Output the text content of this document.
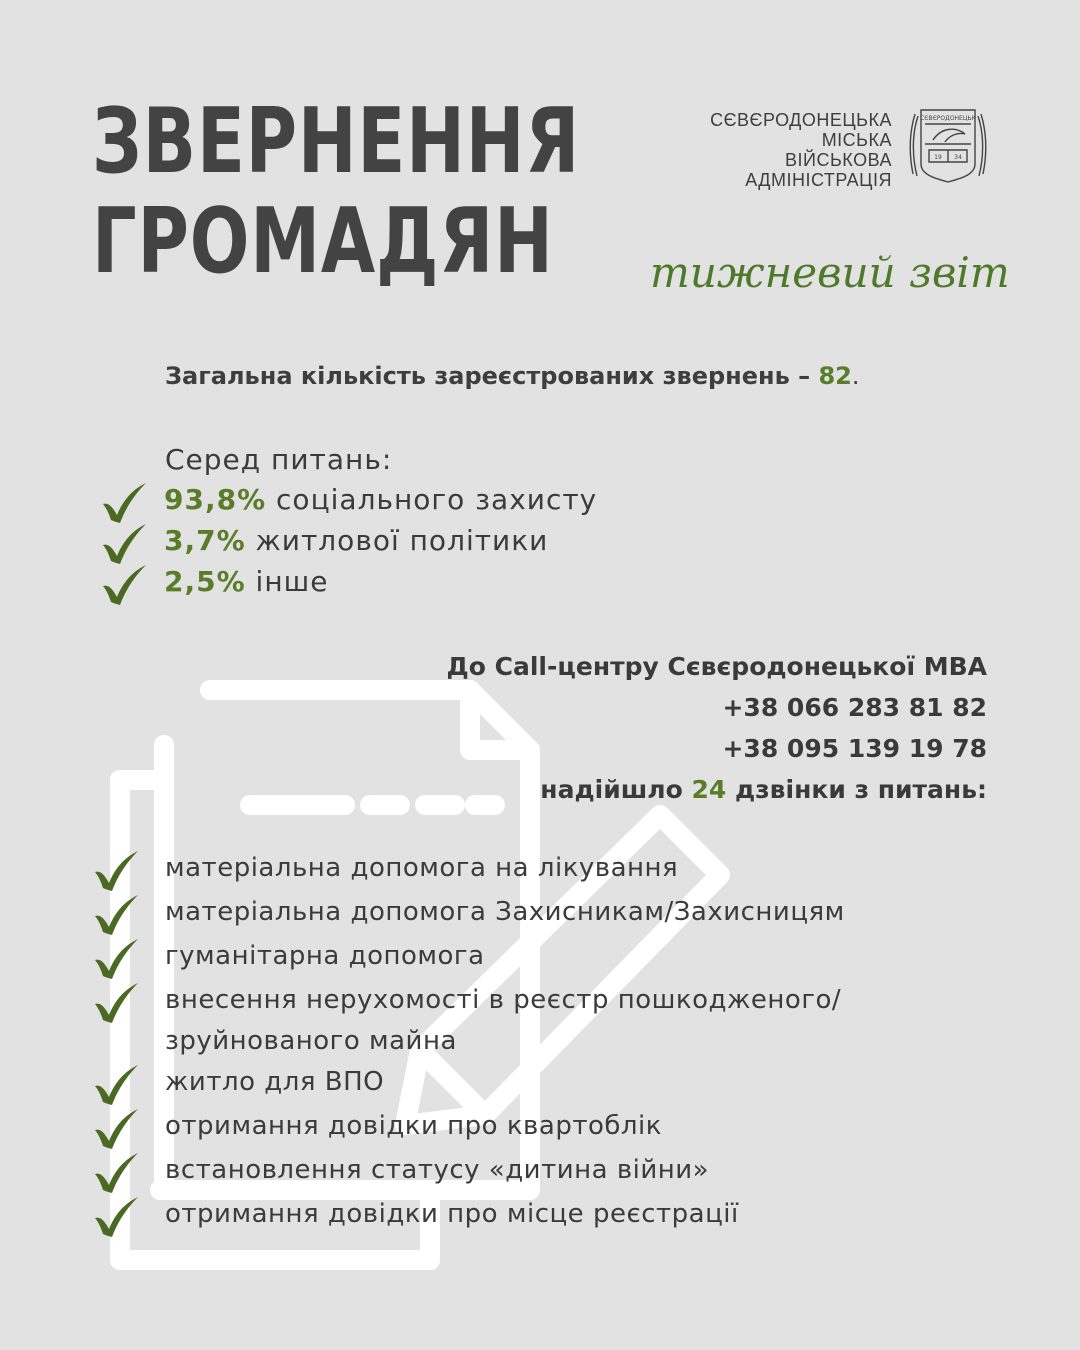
ЗВЕРНЕННЯ
ГРОМАДЯН
СЄВЄРОДОНЕЦЬКА
МІСЬКА
ВІЙСЬКОВА
АДМІНІСТРАЦІЯ
СЄВЄРОДОНЕЦЬК
19 34
тижневий звіт

Загальна кількість зареєстрованих звернень – 82.

Серед питань:

93,8% соціального захисту
3,7% житлової політики
2,5% інше
До Call-центру Сєвєродонецької МВА
+38 066 283 81 82
+38 095 139 19 78
надійшло 24 дзвінки з питань:
матеріальна допомога на лікування
матеріальна допомога Захисникам/Захисницям
гуманітарна допомога
внесення нерухомості в реєстр пошкодженого/
зруйнованого майна
житло для ВПО
отримання довідки про квартоблік
встановлення статусу «дитина війни»
отримання довідки про місце реєстрації
